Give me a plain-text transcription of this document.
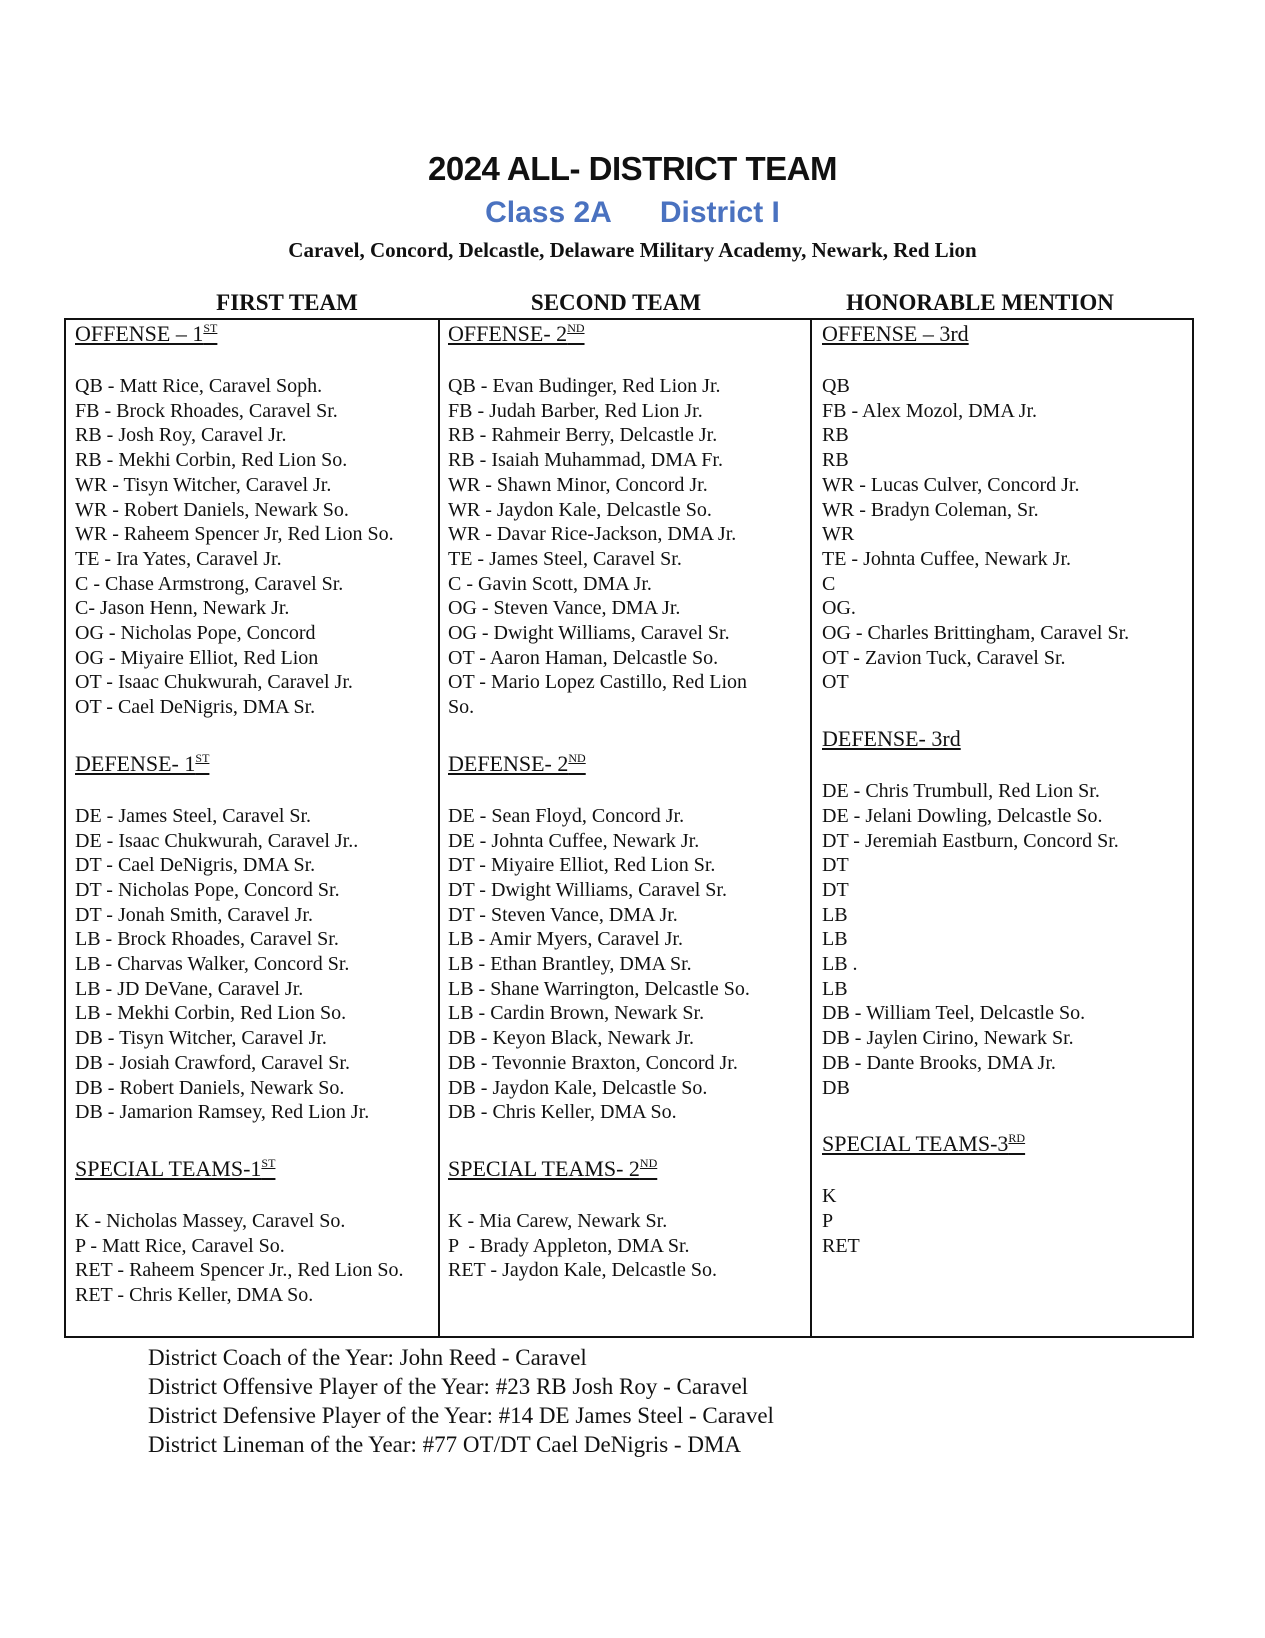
2024 ALL- DISTRICT TEAM
Class 2A District I
Caravel, Concord, Delcastle, Delaware Military Academy, Newark, Red Lion
FIRST TEAM	SECOND TEAM	HONORABLE MENTION
OFFENSE – 1ST
QB - Matt Rice, Caravel Soph.
FB - Brock Rhoades, Caravel Sr.
RB - Josh Roy, Caravel Jr.
RB - Mekhi Corbin, Red Lion So.
WR - Tisyn Witcher, Caravel Jr.
WR - Robert Daniels, Newark So.
WR - Raheem Spencer Jr, Red Lion So.
TE - Ira Yates, Caravel Jr.
C - Chase Armstrong, Caravel Sr.
C- Jason Henn, Newark Jr.
OG - Nicholas Pope, Concord
OG - Miyaire Elliot, Red Lion
OT - Isaac Chukwurah, Caravel Jr.
OT - Cael DeNigris, DMA Sr.
DEFENSE- 1ST
DE - James Steel, Caravel Sr.
DE - Isaac Chukwurah, Caravel Jr..
DT - Cael DeNigris, DMA Sr.
DT - Nicholas Pope, Concord Sr.
DT - Jonah Smith, Caravel Jr.
LB - Brock Rhoades, Caravel Sr.
LB - Charvas Walker, Concord Sr.
LB - JD DeVane, Caravel Jr.
LB - Mekhi Corbin, Red Lion So.
DB - Tisyn Witcher, Caravel Jr.
DB - Josiah Crawford, Caravel Sr.
DB - Robert Daniels, Newark So.
DB - Jamarion Ramsey, Red Lion Jr.
SPECIAL TEAMS-1ST
K - Nicholas Massey, Caravel So.
P - Matt Rice, Caravel So.
RET - Raheem Spencer Jr., Red Lion So.
RET - Chris Keller, DMA So.
OFFENSE- 2ND
QB - Evan Budinger, Red Lion Jr.
FB - Judah Barber, Red Lion Jr.
RB - Rahmeir Berry, Delcastle Jr.
RB - Isaiah Muhammad, DMA Fr.
WR - Shawn Minor, Concord Jr.
WR - Jaydon Kale, Delcastle So.
WR - Davar Rice-Jackson, DMA Jr.
TE - James Steel, Caravel Sr.
C - Gavin Scott, DMA Jr.
OG - Steven Vance, DMA Jr.
OG - Dwight Williams, Caravel Sr.
OT - Aaron Haman, Delcastle So.
OT - Mario Lopez Castillo, Red Lion
So.
DEFENSE- 2ND
DE - Sean Floyd, Concord Jr.
DE - Johnta Cuffee, Newark Jr.
DT - Miyaire Elliot, Red Lion Sr.
DT - Dwight Williams, Caravel Sr.
DT - Steven Vance, DMA Jr.
LB - Amir Myers, Caravel Jr.
LB - Ethan Brantley, DMA Sr.
LB - Shane Warrington, Delcastle So.
LB - Cardin Brown, Newark Sr.
DB - Keyon Black, Newark Jr.
DB - Tevonnie Braxton, Concord Jr.
DB - Jaydon Kale, Delcastle So.
DB - Chris Keller, DMA So.
SPECIAL TEAMS- 2ND
K - Mia Carew, Newark Sr.
P  - Brady Appleton, DMA Sr.
RET - Jaydon Kale, Delcastle So.
OFFENSE – 3rd
QB
FB - Alex Mozol, DMA Jr.
RB
RB
WR - Lucas Culver, Concord Jr.
WR - Bradyn Coleman, Sr.
WR
TE - Johnta Cuffee, Newark Jr.
C
OG.
OG - Charles Brittingham, Caravel Sr.
OT - Zavion Tuck, Caravel Sr.
OT
DEFENSE- 3rd
DE - Chris Trumbull, Red Lion Sr.
DE - Jelani Dowling, Delcastle So.
DT - Jeremiah Eastburn, Concord Sr.
DT
DT
LB
LB
LB .
LB
DB - William Teel, Delcastle So.
DB - Jaylen Cirino, Newark Sr.
DB - Dante Brooks, DMA Jr.
DB
SPECIAL TEAMS-3RD
K
P
RET
District Coach of the Year: John Reed - Caravel
District Offensive Player of the Year: #23 RB Josh Roy - Caravel
District Defensive Player of the Year: #14 DE James Steel - Caravel
District Lineman of the Year: #77 OT/DT Cael DeNigris - DMA
